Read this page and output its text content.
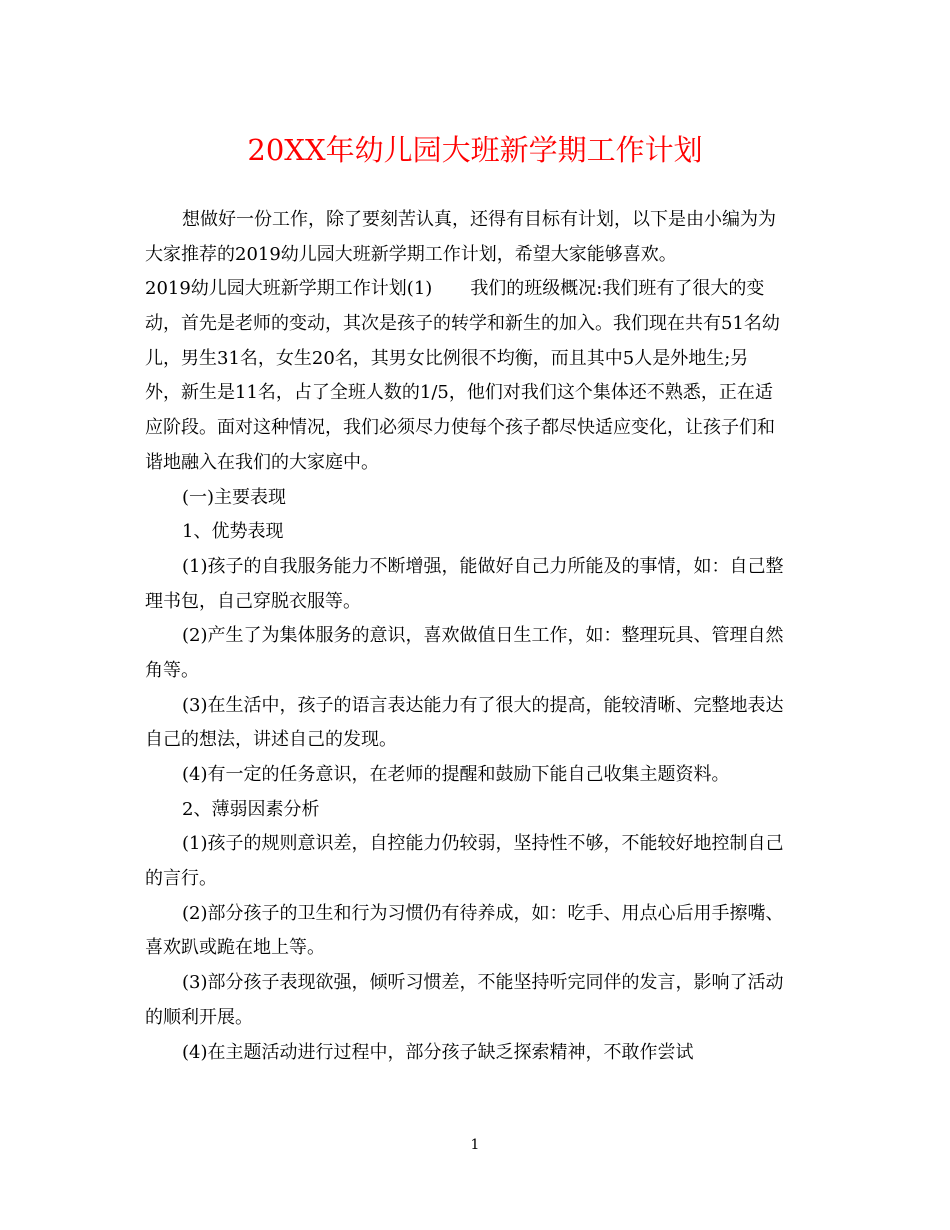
20XX年幼儿园大班新学期工作计划
想做好一份工作，除了要刻苦认真，还得有目标有计划，以下是由小编为为
大家推荐的2019幼儿园大班新学期工作计划，希望大家能够喜欢。
2019幼儿园大班新学期工作计划(1) 我们的班级概况:我们班有了很大的变
动，首先是老师的变动，其次是孩子的转学和新生的加入。我们现在共有51名幼
儿，男生31名，女生20名，其男女比例很不均衡，而且其中5人是外地生;另
外，新生是11名，占了全班人数的1/5，他们对我们这个集体还不熟悉，正在适
应阶段。面对这种情况，我们必须尽力使每个孩子都尽快适应变化，让孩子们和
谐地融入在我们的大家庭中。
(一)主要表现
1、优势表现
(1)孩子的自我服务能力不断增强，能做好自己力所能及的事情，如：自己整
理书包，自己穿脱衣服等。
(2)产生了为集体服务的意识，喜欢做值日生工作，如：整理玩具、管理自然
角等。
(3)在生活中，孩子的语言表达能力有了很大的提高，能较清晰、完整地表达
自己的想法，讲述自己的发现。
(4)有一定的任务意识，在老师的提醒和鼓励下能自己收集主题资料。
2、薄弱因素分析
(1)孩子的规则意识差，自控能力仍较弱，坚持性不够，不能较好地控制自己
的言行。
(2)部分孩子的卫生和行为习惯仍有待养成，如：吃手、用点心后用手擦嘴、
喜欢趴或跪在地上等。
(3)部分孩子表现欲强，倾听习惯差，不能坚持听完同伴的发言，影响了活动
的顺利开展。
(4)在主题活动进行过程中，部分孩子缺乏探索精神，不敢作尝试
1
